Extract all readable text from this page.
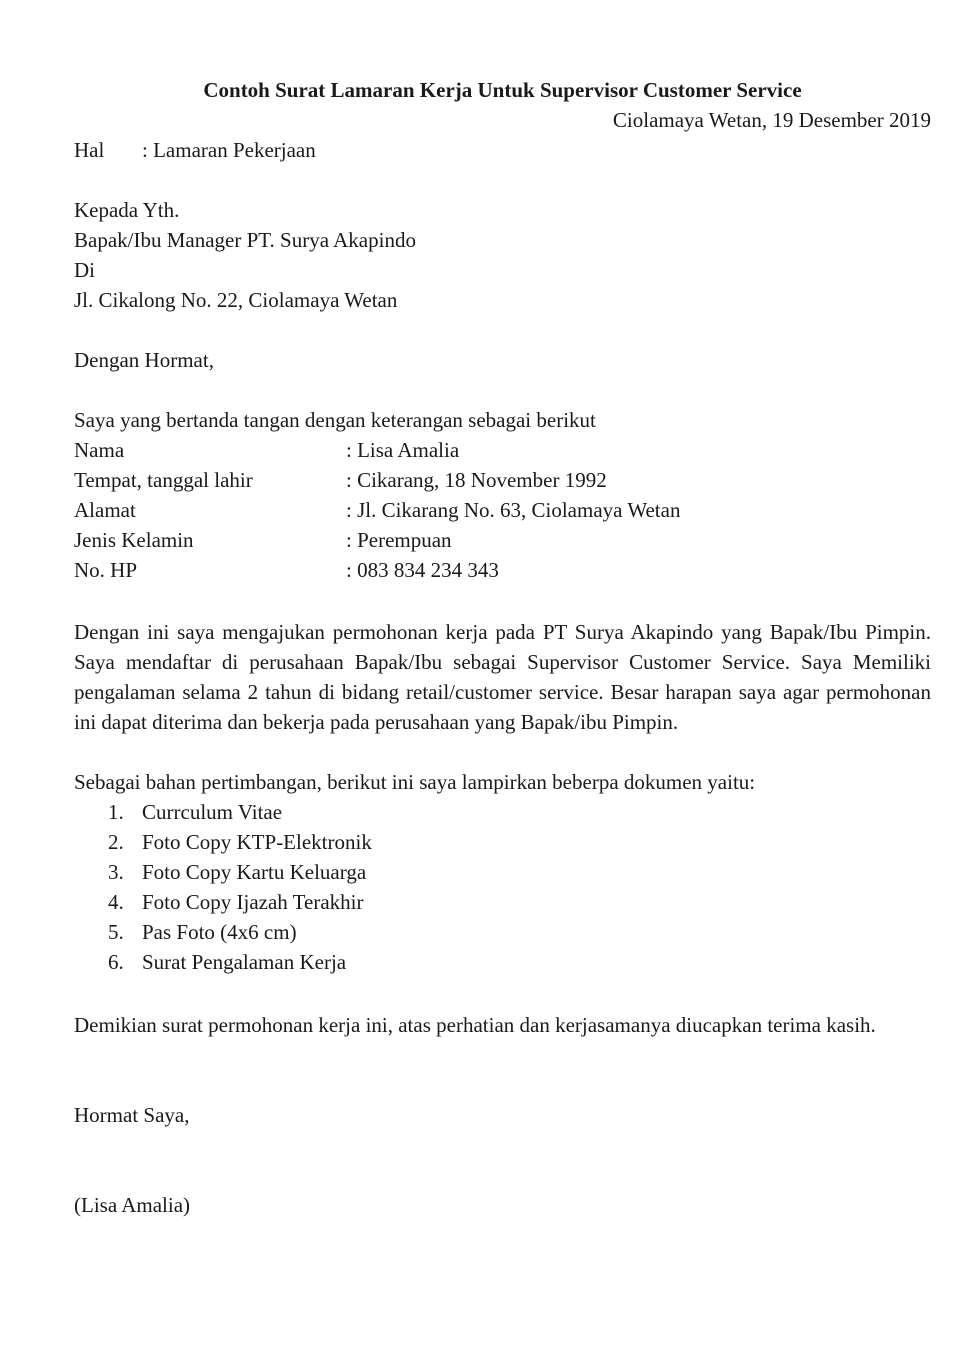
Contoh Surat Lamaran Kerja Untuk Supervisor Customer Service
Ciolamaya Wetan, 19 Desember 2019
Hal : Lamaran Pekerjaan
Kepada Yth.
Bapak/Ibu Manager PT. Surya Akapindo
Di
Jl. Cikalong No. 22, Ciolamaya Wetan
Dengan Hormat,
Saya yang bertanda tangan dengan keterangan sebagai berikut
Nama	: Lisa Amalia
Tempat, tanggal lahir	: Cikarang, 18 November 1992
Alamat	: Jl. Cikarang No. 63, Ciolamaya Wetan
Jenis Kelamin	: Perempuan
No. HP	: 083 834 234 343
Dengan ini saya mengajukan permohonan kerja pada PT Surya Akapindo yang Bapak/Ibu Pimpin. Saya mendaftar di perusahaan Bapak/Ibu sebagai Supervisor Customer Service. Saya Memiliki pengalaman selama 2 tahun di bidang retail/customer service. Besar harapan saya agar permohonan ini dapat diterima dan bekerja pada perusahaan yang Bapak/ibu Pimpin.
Sebagai bahan pertimbangan, berikut ini saya lampirkan beberpa dokumen yaitu:
1. Currculum Vitae
2. Foto Copy KTP-Elektronik
3. Foto Copy Kartu Keluarga
4. Foto Copy Ijazah Terakhir
5. Pas Foto (4x6 cm)
6. Surat Pengalaman Kerja
Demikian surat permohonan kerja ini, atas perhatian dan kerjasamanya diucapkan terima kasih.
Hormat Saya,
(Lisa Amalia)
